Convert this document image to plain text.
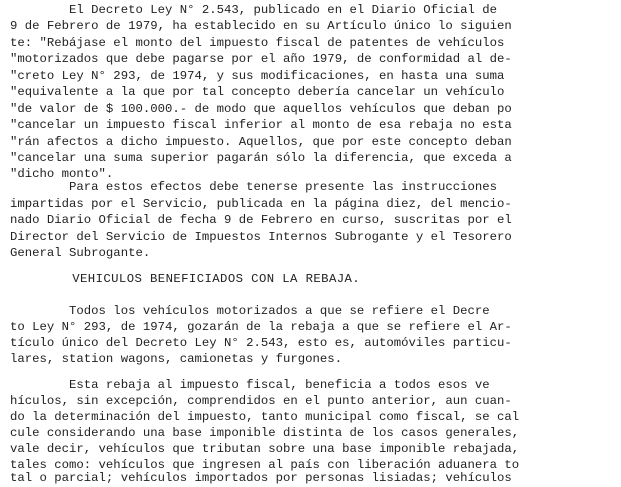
El Decreto Ley N° 2.543, publicado en el Diario Oficial de
9 de Febrero de 1979, ha establecido en su Artículo único lo siguien
te: "Rebájase el monto del impuesto fiscal de patentes de vehículos
"motorizados que debe pagarse por el año 1979, de conformidad al de-
"creto Ley N° 293, de 1974, y sus modificaciones, en hasta una suma
"equivalente a la que por tal concepto debería cancelar un vehículo
"de valor de $ 100.000.- de modo que aquellos vehículos que deban po
"cancelar un impuesto fiscal inferior al monto de esa rebaja no esta
"rán afectos a dicho impuesto. Aquellos, que por este concepto deban
"cancelar una suma superior pagarán sólo la diferencia, que exceda a
"dicho monto".
Para estos efectos debe tenerse presente las instrucciones
impartidas por el Servicio, publicada en la página diez, del mencio-
nado Diario Oficial de fecha 9 de Febrero en curso, suscritas por el
Director del Servicio de Impuestos Internos Subrogante y el Tesorero
General Subrogante.
VEHICULOS BENEFICIADOS CON LA REBAJA.
Todos los vehículos motorizados a que se refiere el Decre
to Ley N° 293, de 1974, gozarán de la rebaja a que se refiere el Ar-
tículo único del Decreto Ley N° 2.543, esto es, automóviles particu-
lares, station wagons, camionetas y furgones.
Esta rebaja al impuesto fiscal, beneficia a todos esos ve
hículos, sin excepción, comprendidos en el punto anterior, aun cuan-
do la determinación del impuesto, tanto municipal como fiscal, se cal
cule considerando una base imponible distinta de los casos generales,
vale decir, vehículos que tributan sobre una base imponible rebajada,
tales como: vehículos que ingresen al país con liberación aduanera to
tal o parcial; vehículos importados por personas lisiadas; vehículos
